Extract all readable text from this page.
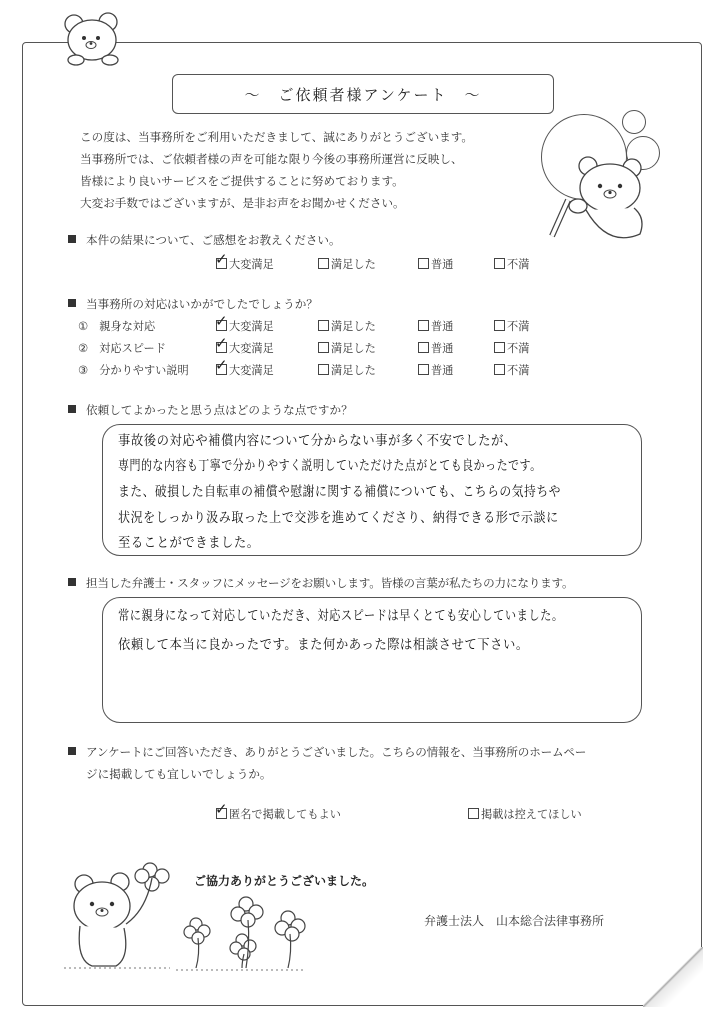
〜　ご依頼者様アンケート　〜
この度は、当事務所をご利用いただきまして、誠にありがとうございます。
当事務所では、ご依頼者様の声を可能な限り今後の事務所運営に反映し、
皆様により良いサービスをご提供することに努めております。
大変お手数ではございますが、是非お声をお聞かせください。
本件の結果について、ご感想をお教えください。
✓大変満足	満足した	普通	不満
当事務所の対応はいかがでしたでしょうか？
①　親身な対応 ✓	大変満足	満足した	普通	不満
②　対応スピード ✓	大変満足	満足した	普通	不満
③　分かりやすい説明 ✓	大変満足	満足した	普通	不満
依頼してよかったと思う点はどのような点ですか？
事故後の対応や補償内容について分からない事が多く不安でしたが、
専門的な内容も丁寧で分かりやすく説明していただけた点がとても良かったです。
また、破損した自転車の補償や慰謝に関する補償についても、こちらの気持ちや
状況をしっかり汲み取った上で交渉を進めてくださり、納得できる形で示談に
至ることができました。
担当した弁護士・スタッフにメッセージをお願いします。皆様の言葉が私たちの力になります。
常に親身になって対応していただき、対応スピードは早くとても安心していました。
依頼して本当に良かったです。また何かあった際は相談させて下さい。
アンケートにご回答いただき、ありがとうございました。こちらの情報を、当事務所のホームペー
ジに掲載しても宜しいでしょうか。
✓匿名で掲載してもよい	掲載は控えてほしい
ご協力ありがとうございました。
弁護士法人　山本総合法律事務所
